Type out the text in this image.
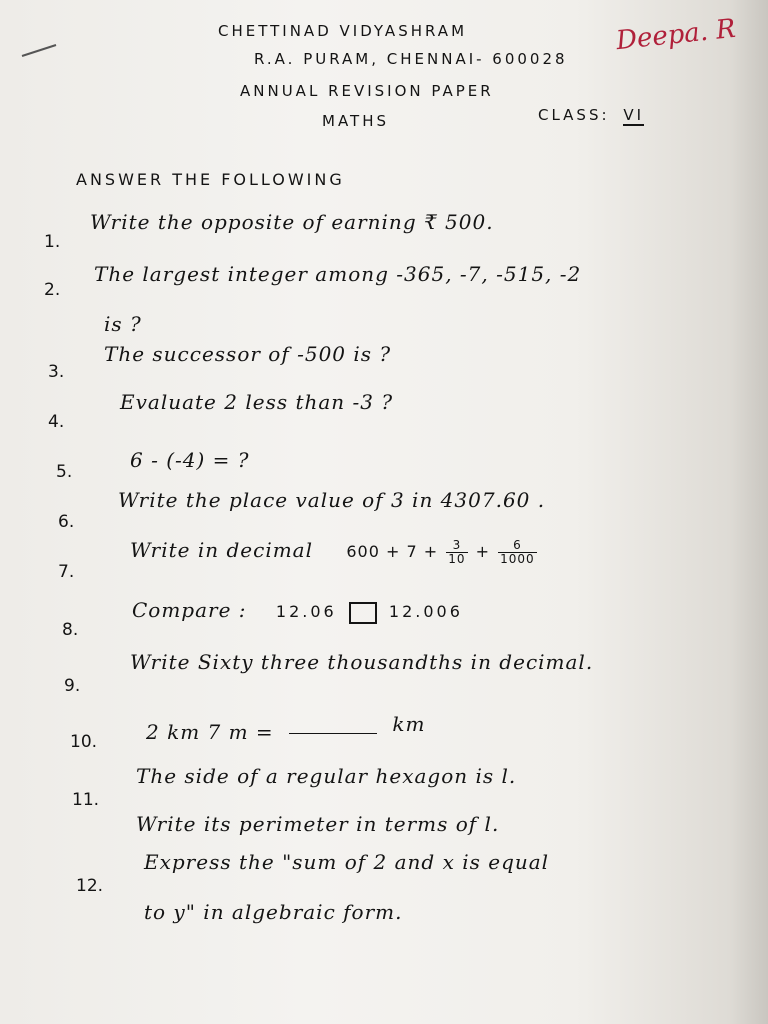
CHETTINAD VIDYASHRAM
R.A. PURAM, CHENNAI- 600028
Deepa. R
ANNUAL REVISION PAPER
MATHS	CLASS: VI
ANSWER THE FOLLOWING
1.
Write the opposite of earning ₹ 500.
2.
The largest integer among -365, -7, -515, -2
is ?
3.
The successor of -500 is ?
4.
Evaluate 2 less than -3 ?
5.	6 - (-4) = ?
6.
Write the place value of 3 in 4307.60 .
7.
Write in decimal $600 + 7 + \frac{3}{10} + \frac{6}{1000}$
8.
Compare : 12.06	12.006
9.
Write Sixty three thousandths in decimal.
10. 2 km 7 m =	km
11.
The side of a regular hexagon is l.
Write its perimeter in terms of l.
12.
Express the "sum of 2 and x is equal
to y" in algebraic form.
